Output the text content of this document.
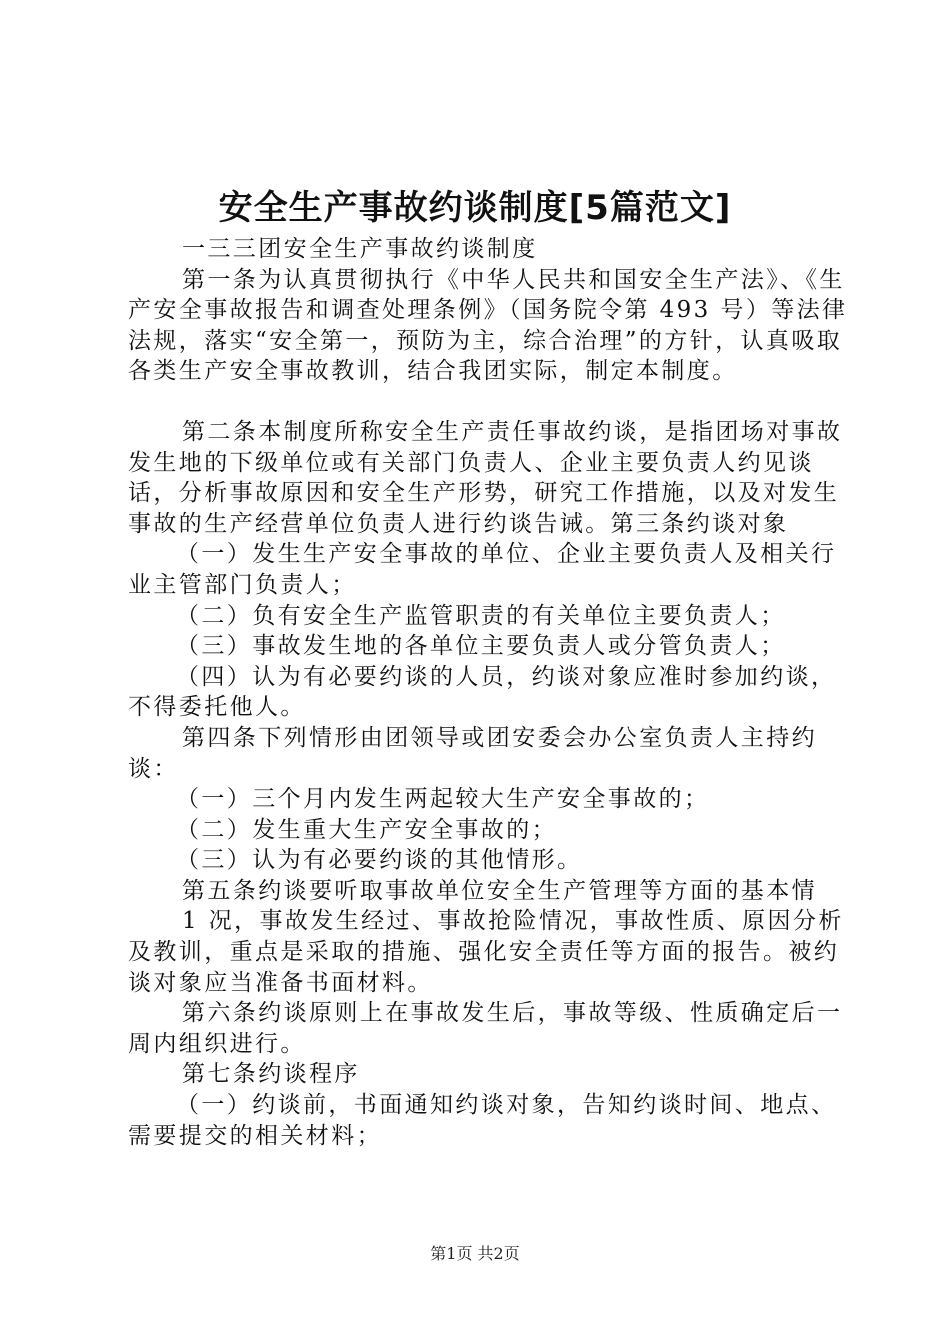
安全生产事故约谈制度[5篇范文]

一三三团安全生产事故约谈制度

第一条为认真贯彻执行《中华人民共和国安全生产法》、《生产安全事故报告和调查处理条例》（国务院令第 493 号）等法律法规，落实“安全第一，预防为主，综合治理”的方针，认真吸取各类生产安全事故教训，结合我团实际，制定本制度。

第二条本制度所称安全生产责任事故约谈，是指团场对事故发生地的下级单位或有关部门负责人、企业主要负责人约见谈话，分析事故原因和安全生产形势，研究工作措施，以及对发生事故的生产经营单位负责人进行约谈告诫。第三条约谈对象

（一）发生生产安全事故的单位、企业主要负责人及相关行业主管部门负责人；

（二）负有安全生产监管职责的有关单位主要负责人；

（三）事故发生地的各单位主要负责人或分管负责人；

（四）认为有必要约谈的人员，约谈对象应准时参加约谈，不得委托他人。

第四条下列情形由团领导或团安委会办公室负责人主持约谈：

（一）三个月内发生两起较大生产安全事故的；

（二）发生重大生产安全事故的；

（三）认为有必要约谈的其他情形。

第五条约谈要听取事故单位安全生产管理等方面的基本情

1 况，事故发生经过、事故抢险情况，事故性质、原因分析及教训，重点是采取的措施、强化安全责任等方面的报告。被约谈对象应当准备书面材料。

第六条约谈原则上在事故发生后，事故等级、性质确定后一周内组织进行。

第七条约谈程序

（一）约谈前，书面通知约谈对象，告知约谈时间、地点、需要提交的相关材料；

第1页 共2页
